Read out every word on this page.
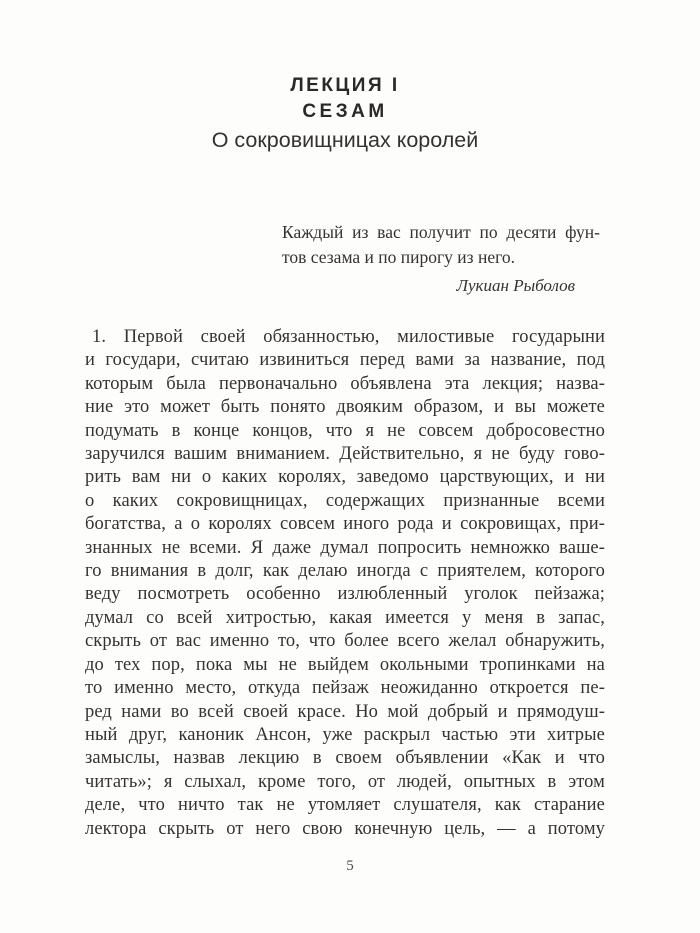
ЛЕКЦИЯ I
СЕЗАМ
О сокровищницах королей
Каждый из вас получит по десяти фун-
тов сезама и по пирогу из него.
Лукиан Рыболов
1. Первой своей обязанностью, милостивые государыни
и государи, считаю извиниться перед вами за название, под
которым была первоначально объявлена эта лекция; назва-
ние это может быть понято двояким образом, и вы можете
подумать в конце концов, что я не совсем добросовестно
заручился вашим вниманием. Действительно, я не буду гово-
рить вам ни о каких королях, заведомо царствующих, и ни
о каких сокровищницах, содержащих признанные всеми
богатства, а о королях совсем иного рода и сокровищах, при-
знанных не всеми. Я даже думал попросить немножко ваше-
го внимания в долг, как делаю иногда с приятелем, которого
веду посмотреть особенно излюбленный уголок пейзажа;
думал со всей хитростью, какая имеется у меня в запас,
скрыть от вас именно то, что более всего желал обнаружить,
до тех пор, пока мы не выйдем окольными тропинками на
то именно место, откуда пейзаж неожиданно откроется пе-
ред нами во всей своей красе. Но мой добрый и прямодуш-
ный друг, каноник Ансон, уже раскрыл частью эти хитрые
замыслы, назвав лекцию в своем объявлении «Как и что
читать»; я слыхал, кроме того, от людей, опытных в этом
деле, что ничто так не утомляет слушателя, как старание
лектора скрыть от него свою конечную цель, — а потому
5
